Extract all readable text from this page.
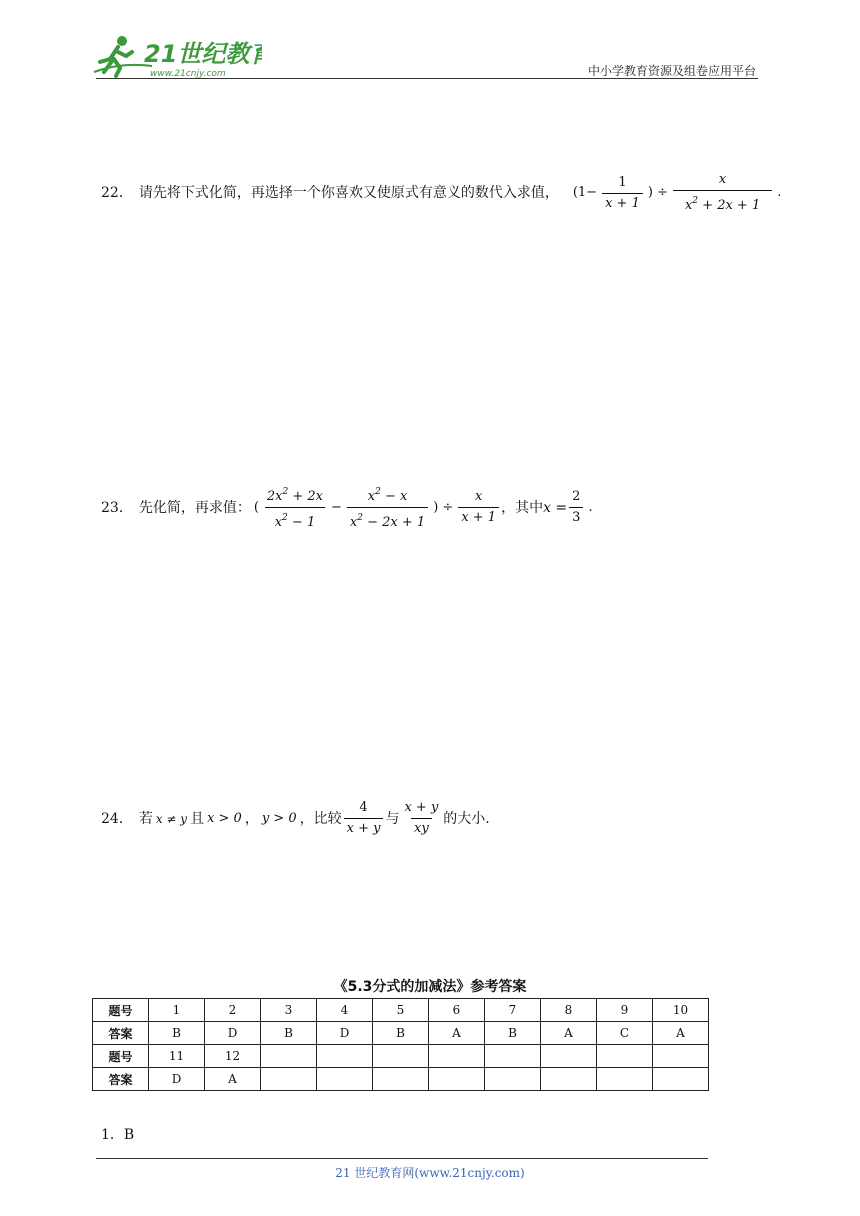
21世纪教育
www.21cnjy.com	中小学教育资源及组卷应用平台
22． 请先将下式化简，再选择一个你喜欢又使原式有意义的数代入求值， ($1- \frac{1}{x + 1}$ ) ÷ $\frac{x}{x^2 + 2x + 1}$ .
23． 先化简，再求值： ( $\frac{2x^2 + 2x}{x^2 - 1} - \frac{x^2 - x}{x^2 - 2x + 1}$ ) ÷ $\frac{x}{x + 1}$ ，其中 $x = \frac{2}{3}$ .
24． 若 x ≠ y 且 x > 0 ， y > 0 ，比较 $\frac{4}{x + y}$ 与 $\frac{x + y}{xy}$ 的大小.
《5.3分式的加减法》参考答案
题号	1	2	3	4	5	6	7	8	9	10
答案	B	D	B	D	B	A	B	A	C	A
题号	11	12								
答案	D	A								
1．B
21 世纪教育网(www.21cnjy.com)
